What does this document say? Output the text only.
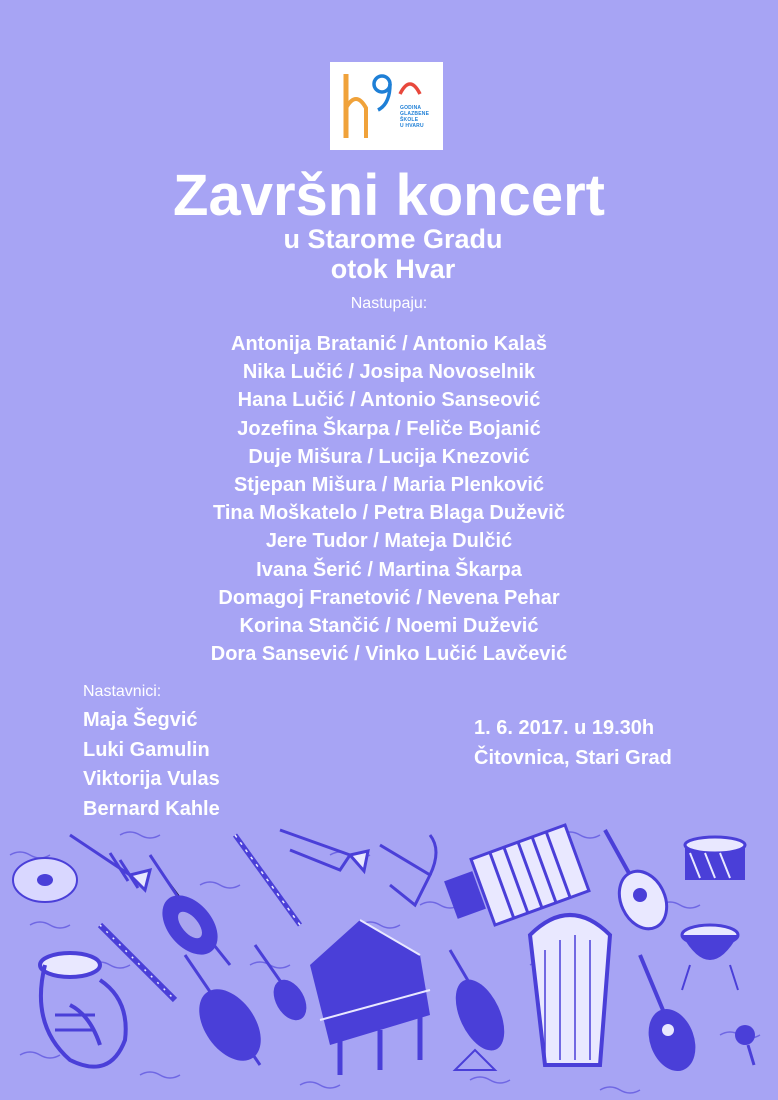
GODINA
GLAZBENE
ŠKOLE
U HVARU
Završni koncert
u Starome Gradu
otok Hvar
Nastupaju:
Antonija Bratanić / Antonio Kalaš
Nika Lučić / Josipa Novoselnik
Hana Lučić / Antonio Sanseović
Jozefina Škarpa / Feliče Bojanić
Duje Mišura / Lucija Knezović
Stjepan Mišura / Maria Plenković
Tina Moškatelo / Petra Blaga Duževič
Jere Tudor / Mateja Dulčić
Ivana Šerić / Martina Škarpa
Domagoj Franetović / Nevena Pehar
Korina Stančić / Noemi Dužević
Dora Sansević / Vinko Lučić Lavčević
Nastavnici:
Maja Šegvić
Luki Gamulin
Viktorija Vulas
Bernard Kahle
1. 6. 2017. u 19.30h
Čitovnica, Stari Grad
